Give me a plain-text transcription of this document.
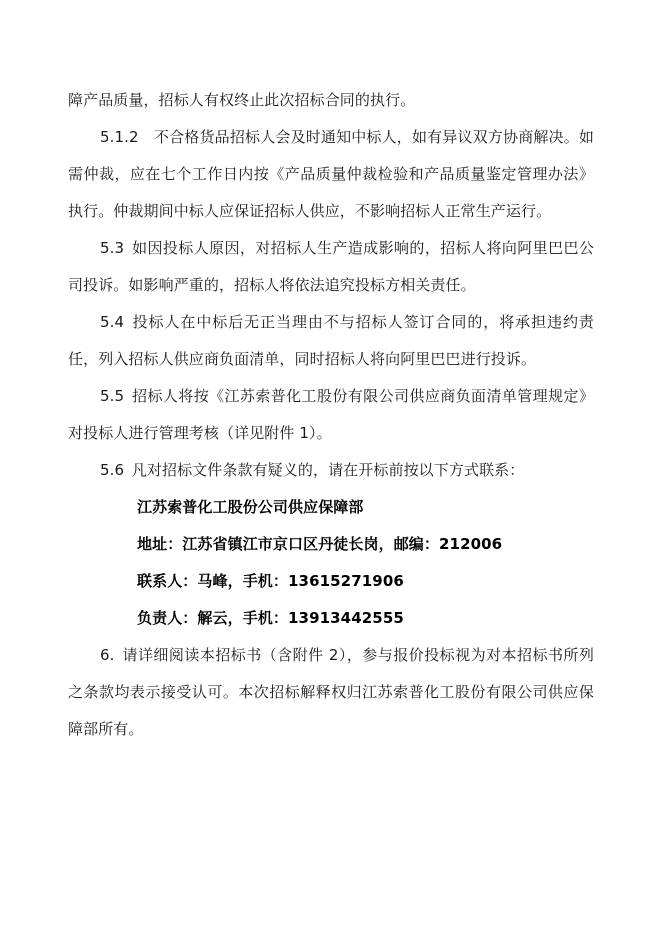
障产品质量，招标人有权终止此次招标合同的执行。

5.1.2   不合格货品招标人会及时通知中标人，如有异议双方协商解决。如需仲裁，应在七个工作日内按《产品质量仲裁检验和产品质量鉴定管理办法》执行。仲裁期间中标人应保证招标人供应，不影响招标人正常生产运行。

5.3  如因投标人原因，对招标人生产造成影响的，招标人将向阿里巴巴公司投诉。如影响严重的，招标人将依法追究投标方相关责任。

5.4  投标人在中标后无正当理由不与招标人签订合同的，将承担违约责任，列入招标人供应商负面清单，同时招标人将向阿里巴巴进行投诉。

5.5  招标人将按《江苏索普化工股份有限公司供应商负面清单管理规定》对投标人进行管理考核（详见附件 1）。

5.6  凡对招标文件条款有疑义的，请在开标前按以下方式联系：

江苏索普化工股份公司供应保障部

地址：江苏省镇江市京口区丹徒长岗，邮编：212006

联系人：马峰，手机：13615271906

负责人：解云，手机：13913442555

6.  请详细阅读本招标书（含附件 2），参与报价投标视为对本招标书所列之条款均表示接受认可。本次招标解释权归江苏索普化工股份有限公司供应保障部所有。
